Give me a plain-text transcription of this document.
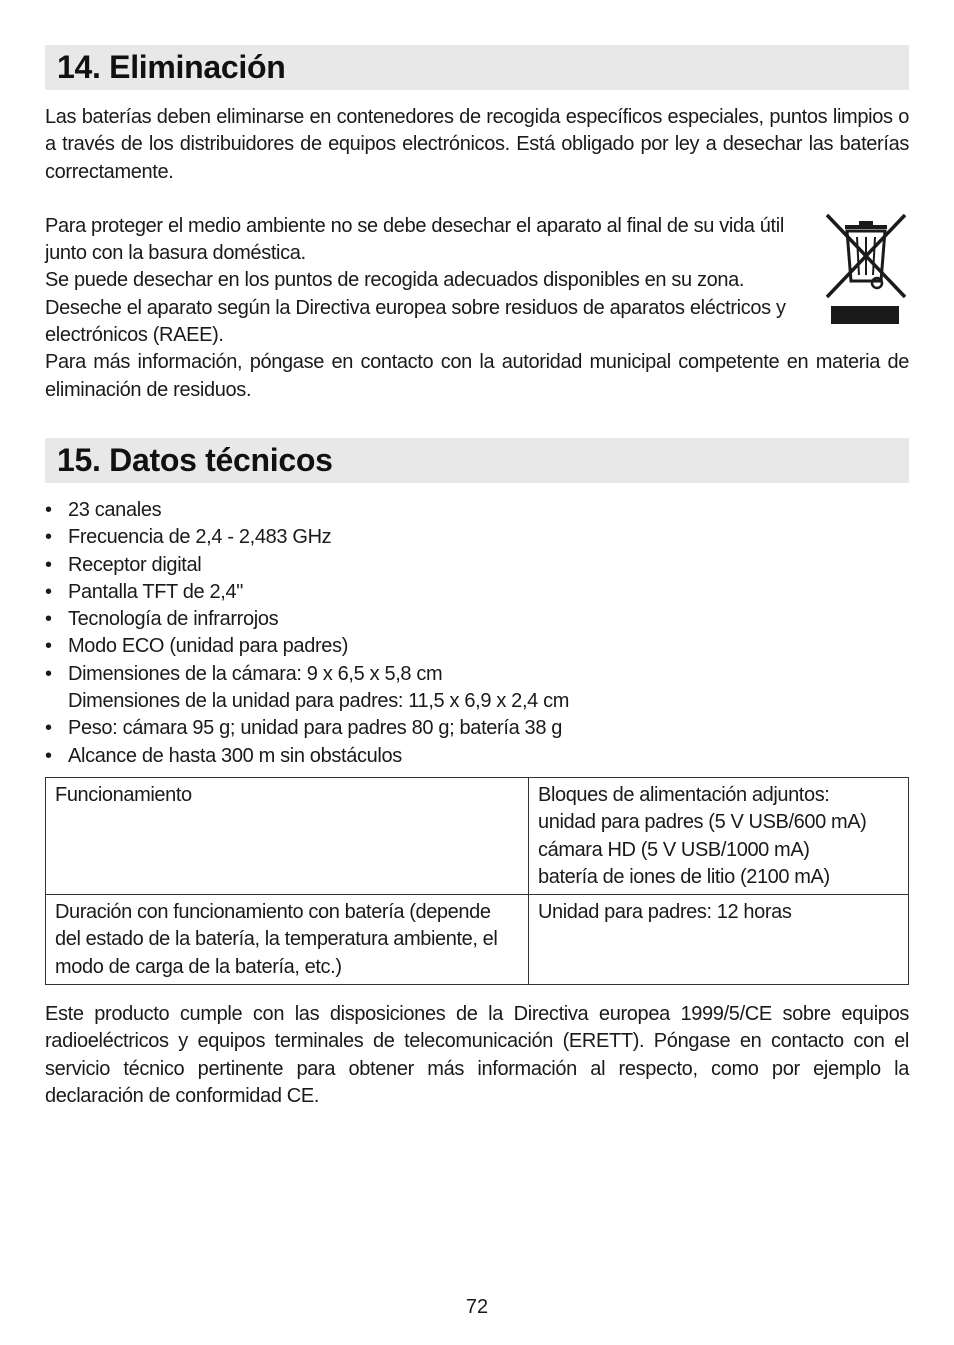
14. Eliminación

Las baterías deben eliminarse en contenedores de recogida específicos especiales, puntos limpios o a través de los distribuidores de equipos electrónicos. Está obligado por ley a desechar las baterías correctamente.

Para proteger el medio ambiente no se debe desechar el aparato al final de su vida útil junto con la basura doméstica.

Se puede desechar en los puntos de recogida adecuados disponibles en su zona. Deseche el aparato según la Directiva europea sobre residuos de aparatos eléctricos y electrónicos (RAEE).

Para más información, póngase en contacto con la autoridad municipal competente en materia de eliminación de residuos.

15. Datos técnicos
• 23 canales
• Frecuencia de 2,4 - 2,483 GHz
• Receptor digital
• Pantalla TFT de 2,4"
• Tecnología de infrarrojos
• Modo ECO (unidad para padres)
• Dimensiones de la cámara: 9 x 6,5 x 5,8 cm
Dimensiones de la unidad para padres: 11,5 x 6,9 x 2,4 cm
• Peso: cámara 95 g; unidad para padres 80 g; batería 38 g
• Alcance de hasta 300 m sin obstáculos
Funcionamiento	Bloques de alimentación adjuntos:
unidad para padres (5 V USB/600 mA)
cámara HD (5 V USB/1000 mA)
batería de iones de litio (2100 mA)

Duración con funcionamiento con batería (depende del estado de la batería, la temperatura ambiente, el modo de carga de la batería, etc.)	Unidad para padres: 12 horas

Este producto cumple con las disposiciones de la Directiva europea 1999/5/CE sobre equipos radioeléctricos y equipos terminales de telecomunicación (ERETT). Póngase en contacto con el servicio técnico pertinente para obtener más información al respecto, como por ejemplo la declaración de conformidad CE.

72
